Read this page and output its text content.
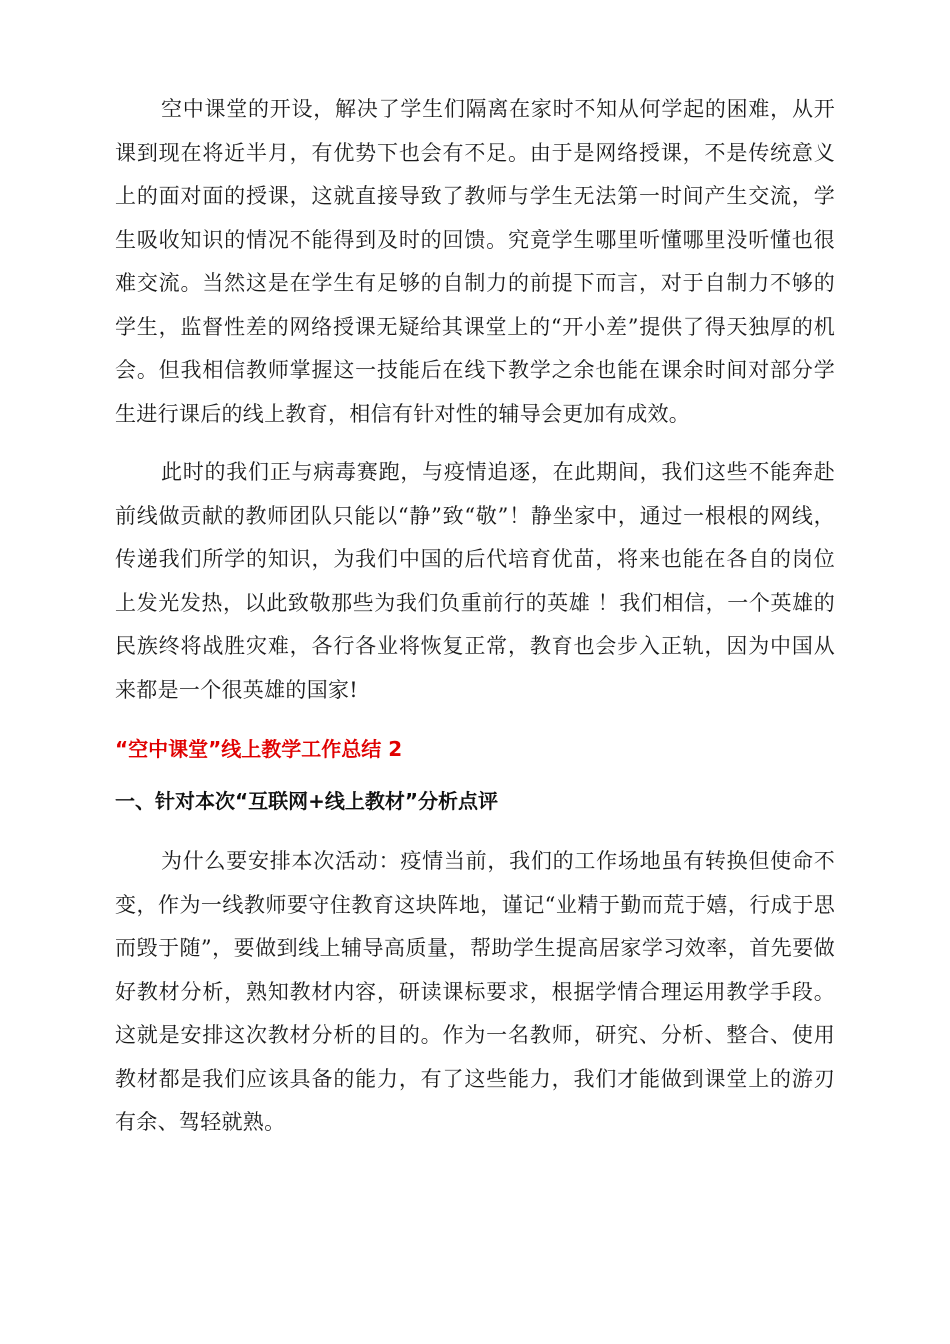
空中课堂的开设，解决了学生们隔离在家时不知从何学起的困难，从开课到现在将近半月，有优势下也会有不足。由于是网络授课，不是传统意义上的面对面的授课，这就直接导致了教师与学生无法第一时间产生交流，学生吸收知识的情况不能得到及时的回馈。究竟学生哪里听懂哪里没听懂也很难交流。当然这是在学生有足够的自制力的前提下而言，对于自制力不够的学生，监督性差的网络授课无疑给其课堂上的“开小差”提供了得天独厚的机会。但我相信教师掌握这一技能后在线下教学之余也能在课余时间对部分学生进行课后的线上教育，相信有针对性的辅导会更加有成效。

此时的我们正与病毒赛跑，与疫情追逐，在此期间，我们这些不能奔赴前线做贡献的教师团队只能以“静”致“敬”！静坐家中，通过一根根的网线，传递我们所学的知识，为我们中国的后代培育优苗，将来也能在各自的岗位上发光发热，以此致敬那些为我们负重前行的英雄 ！我们相信，一个英雄的民族终将战胜灾难，各行各业将恢复正常，教育也会步入正轨，因为中国从来都是一个很英雄的国家!

“空中课堂”线上教学工作总结 2
一、针对本次“互联网+线上教材”分析点评

为什么要安排本次活动：疫情当前，我们的工作场地虽有转换但使命不变，作为一线教师要守住教育这块阵地，谨记“业精于勤而荒于嬉，行成于思而毁于随”，要做到线上辅导高质量，帮助学生提高居家学习效率，首先要做好教材分析，熟知教材内容，研读课标要求，根据学情合理运用教学手段。这就是安排这次教材分析的目的。作为一名教师，研究、分析、整合、使用教材都是我们应该具备的能力，有了这些能力，我们才能做到课堂上的游刃有余、驾轻就熟。
